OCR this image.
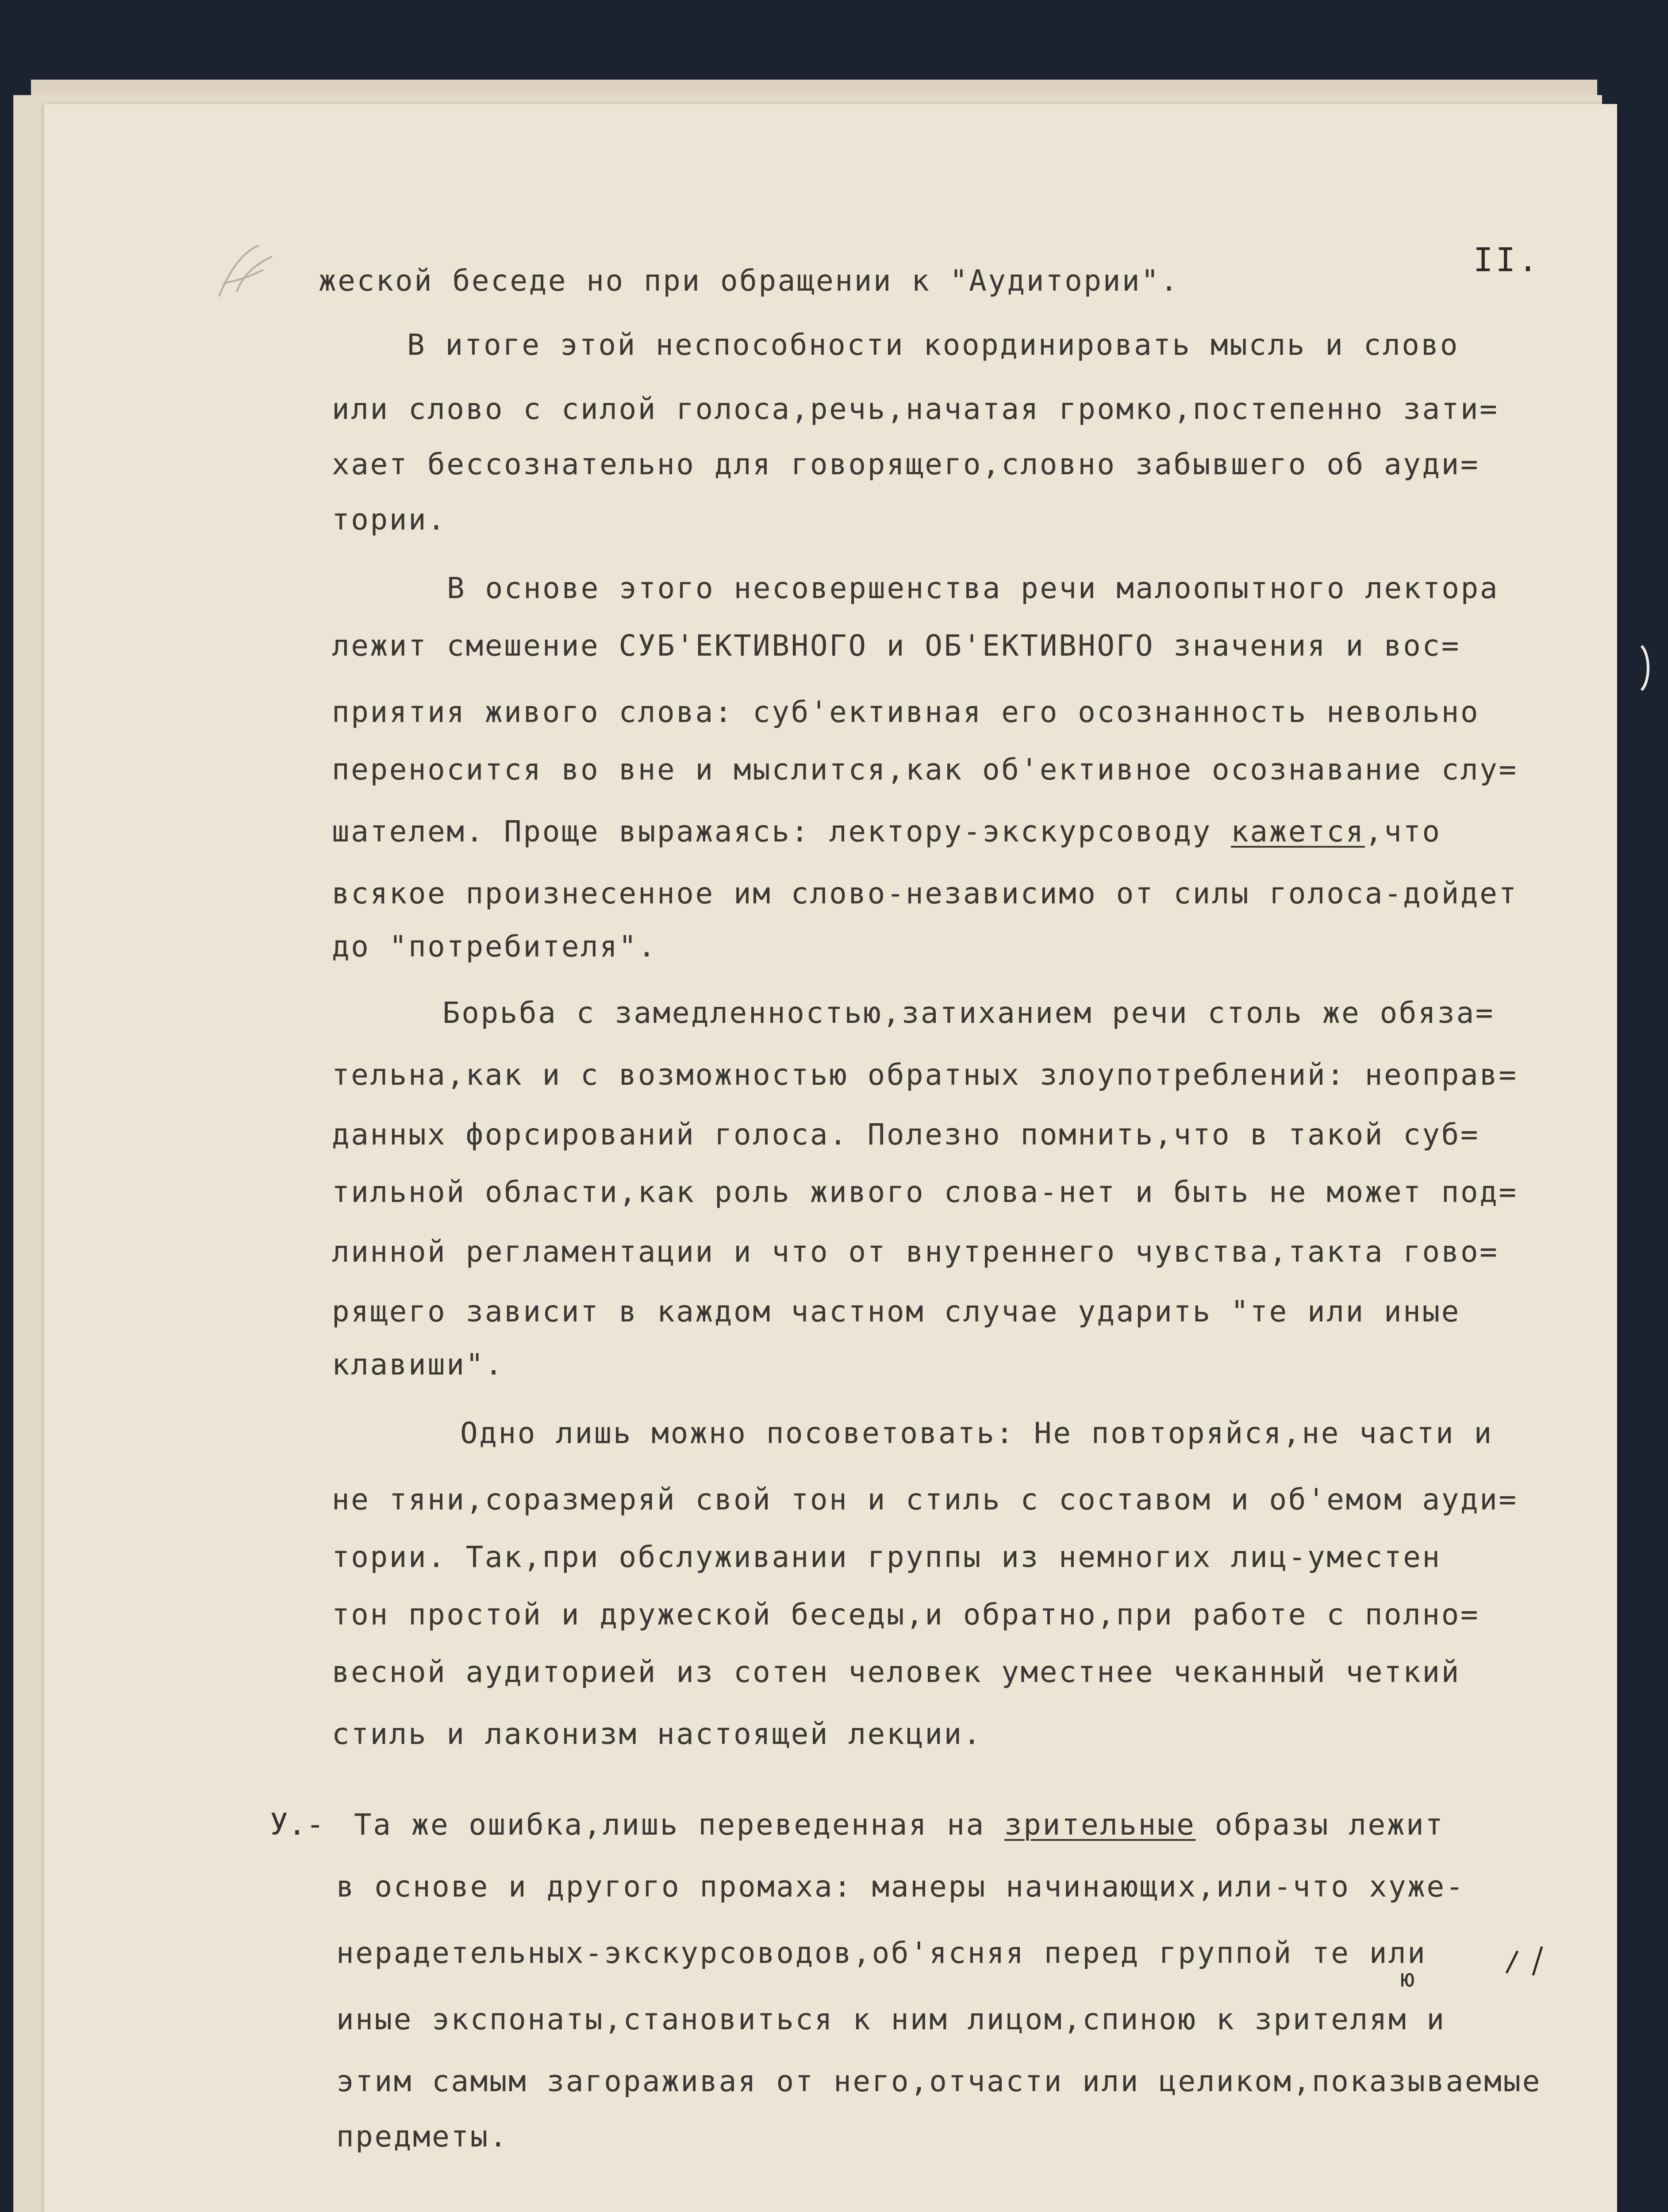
II.
жеской беседе но при обращении к "Аудитории".
В итоге этой неспособности координировать мысль и слово
или слово с силой голоса,речь,начатая громко,постепенно зати=
хает бессознательно для говорящего,словно забывшего об ауди=
тории.
В основе этого несовершенства речи малоопытного лектора
лежит смешение СУБ'ЕКТИВНОГО и ОБ'ЕКТИВНОГО значения и вос=
приятия живого слова: суб'ективная его осознанность невольно
переносится во вне и мыслится,как об'ективное осознавание слу=
шателем. Проще выражаясь: лектору-экскурсоводу кажется,что
всякое произнесенное им слово-независимо от силы голоса-дойдет
до "потребителя".
Борьба с замедленностью,затиханием речи столь же обяза=
тельна,как и с возможностью обратных злоупотреблений: неоправ=
данных форсирований голоса. Полезно помнить,что в такой суб=
тильной области,как роль живого слова-нет и быть не может под=
линной регламентации и что от внутреннего чувства,такта гово=
рящего зависит в каждом частном случае ударить "те или иные
клавиши".
Одно лишь можно посоветовать: Не повторяйся,не части и
не тяни,соразмеряй свой тон и стиль с составом и об'емом ауди=
тории. Так,при обслуживании группы из немногих лиц-уместен
тон простой и дружеской беседы,и обратно,при работе с полно=
весной аудиторией из сотен человек уместнее чеканный четкий
стиль и лаконизм настоящей лекции.
У.- Та же ошибка,лишь переведенная на зрительные образы лежит
в основе и другого промаха: манеры начинающих,или-что хуже-
нерадетельных-экскурсоводов,об'ясняя перед группой те или
иные экспонаты,становиться к ним лицом,спиною к зрителям и
этим самым загораживая от него,отчасти или целиком,показываемые
предметы.
ю
